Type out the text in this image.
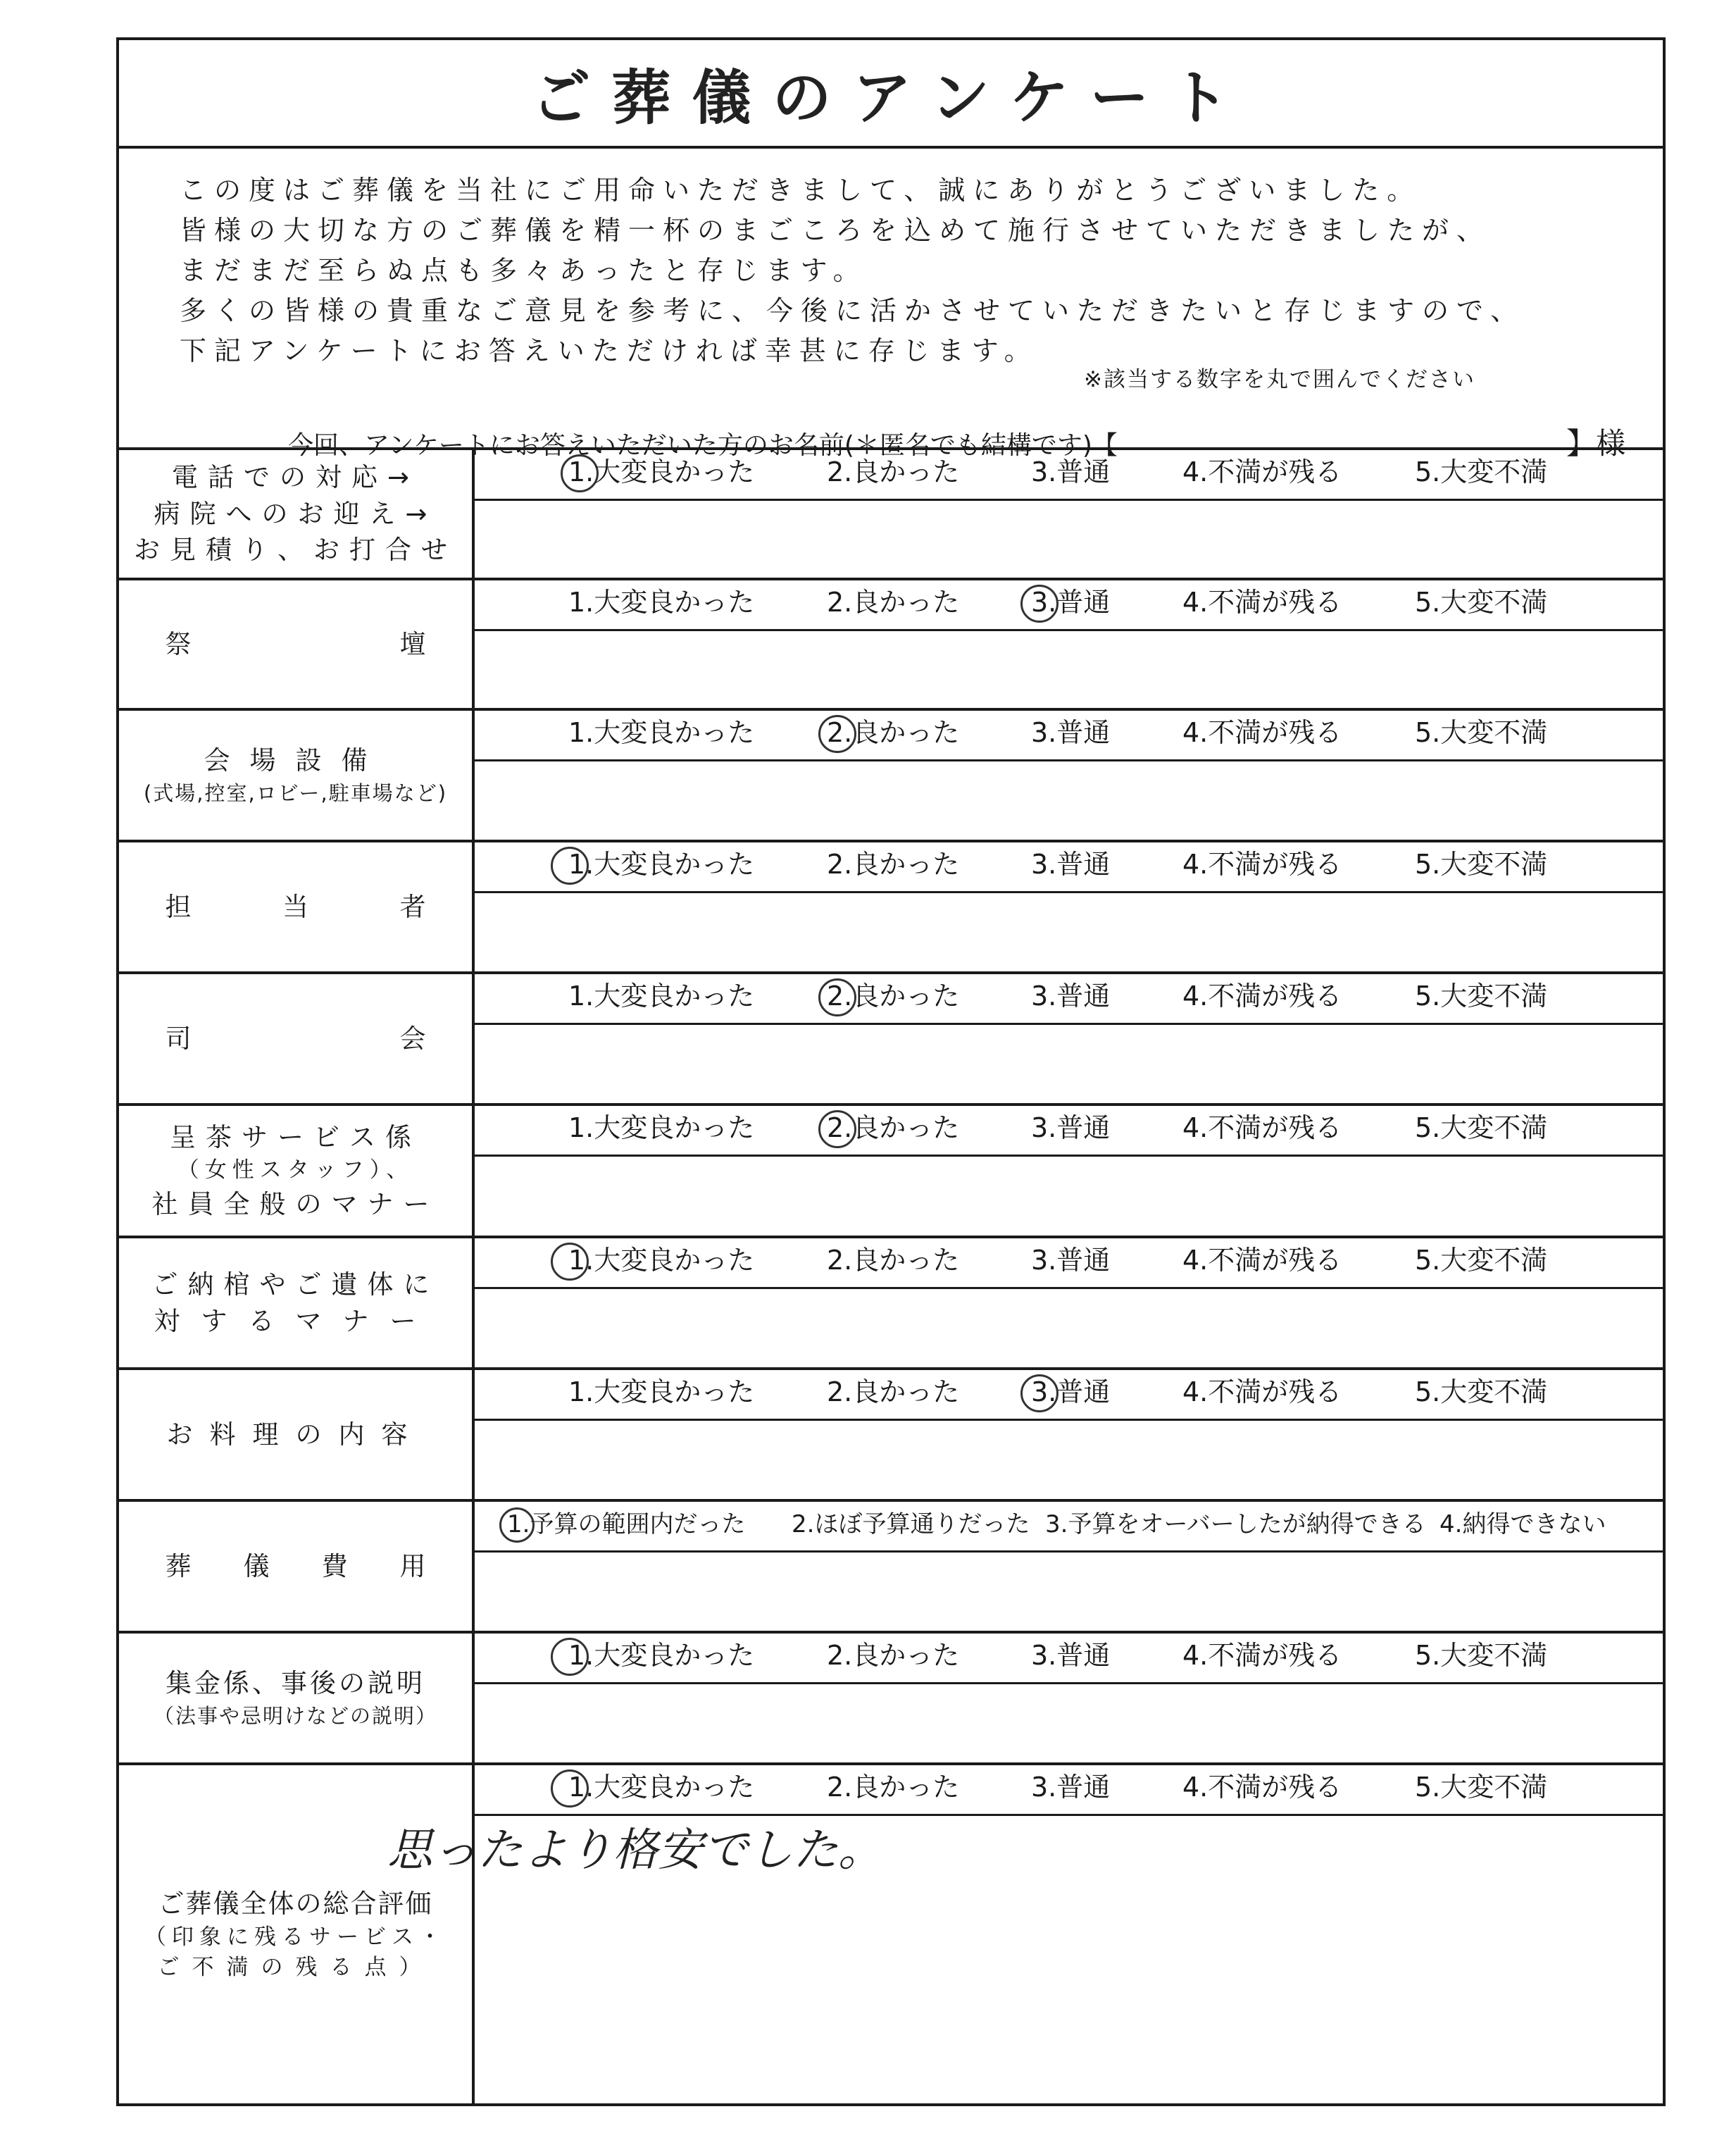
ご葬儀のアンケート
この度はご葬儀を当社にご用命いただきまして、誠にありがとうございました。
皆様の大切な方のご葬儀を精一杯のまごころを込めて施行させていただきましたが、
まだまだ至らぬ点も多々あったと存じます。
多くの皆様の貴重なご意見を参考に、今後に活かさせていただきたいと存じますので、
下記アンケートにお答えいただければ幸甚に存じます。
※該当する数字を丸で囲んでください
今回、アンケートにお答えいただいた方のお名前(＊匿名でも結構です)【	】様
電話での対応→
病院へのお迎え→
お見積り、お打合せ
1.大変良かった	2.良かった	3.普通	4.不満が残る	5.大変不満
祭	壇
1.大変良かった	2.良かった	3.普通	4.不満が残る	5.大変不満
会場設備
(式場,控室,ロビー,駐車場など)
1.大変良かった	2.良かった	3.普通	4.不満が残る	5.大変不満
担	当	者
1.大変良かった	2.良かった	3.普通	4.不満が残る	5.大変不満
司	会
1.大変良かった	2.良かった	3.普通	4.不満が残る	5.大変不満
呈茶サービス係
（女性スタッフ）、
社員全般のマナー
1.大変良かった	2.良かった	3.普通	4.不満が残る	5.大変不満
ご納棺やご遺体に
対するマナー
1.大変良かった	2.良かった	3.普通	4.不満が残る	5.大変不満
お料理の内容
1.大変良かった	2.良かった	3.普通	4.不満が残る	5.大変不満
葬 儀 費 用
1.予算の範囲内だった 2.ほぼ予算通りだった 3.予算をオーバーしたが納得できる 4.納得できない
集金係、事後の説明
（法事や忌明けなどの説明）
1.大変良かった	2.良かった	3.普通	4.不満が残る	5.大変不満
ご葬儀全体の総合評価
（印象に残るサービス・
ご不満の残る点）
1.大変良かった	2.良かった	3.普通	4.不満が残る	5.大変不満
思ったより格安でした。
